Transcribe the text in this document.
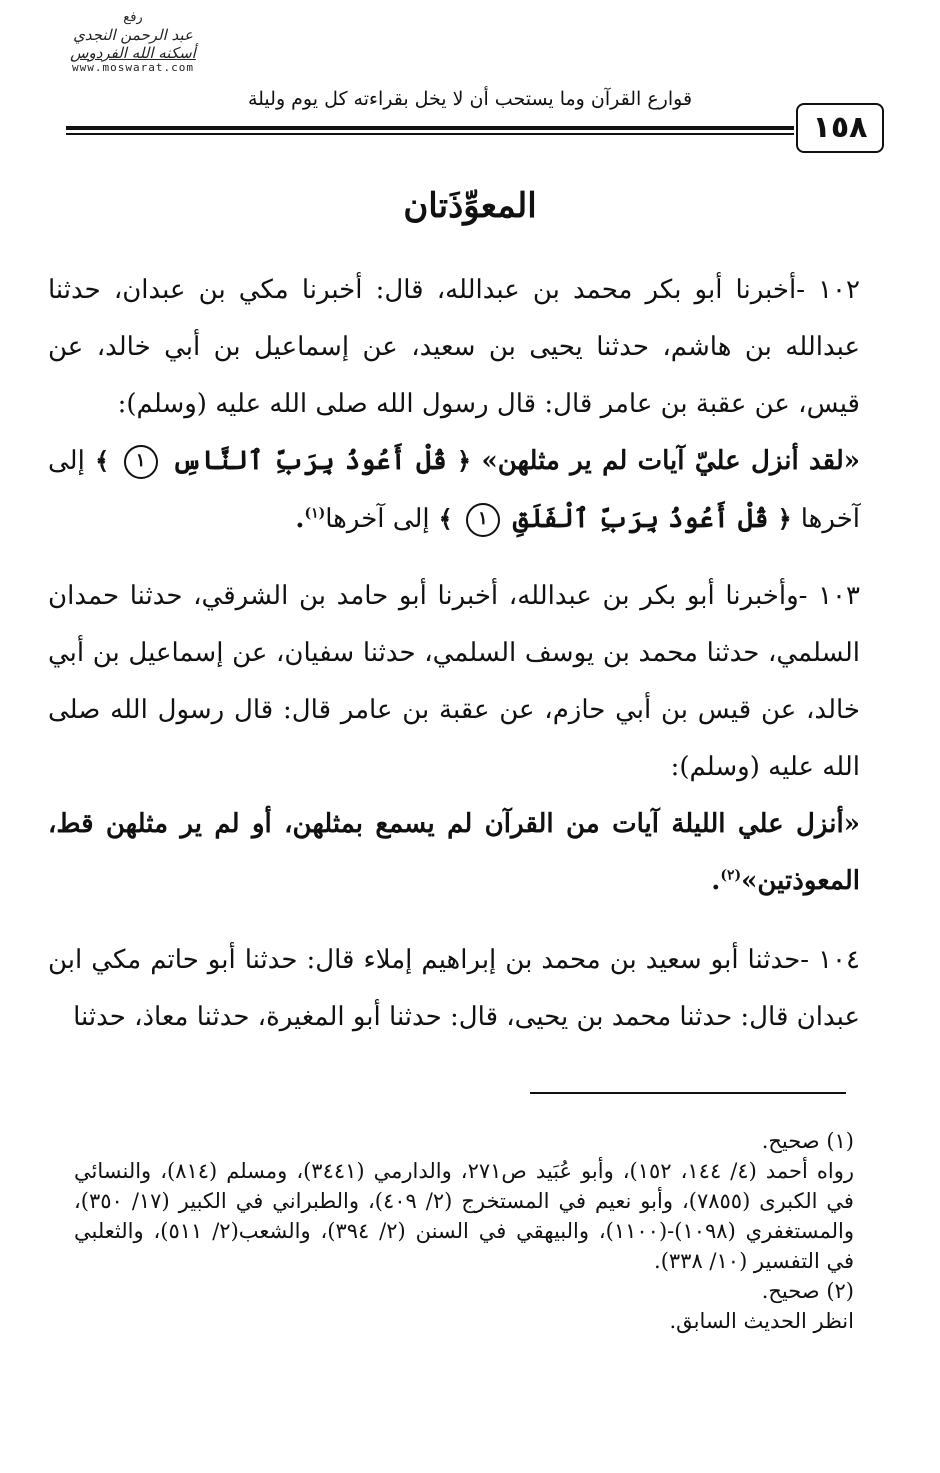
رفع
عبد الرحمن النجدي
أسكنه الله الفردوس
www.moswarat.com
قوارع القرآن وما يستحب أن لا يخل بقراءته كل يوم وليلة
١٥٨
المعوِّذَتان
١٠٢ -أخبرنا أبو بكر محمد بن عبدالله، قال: أخبرنا مكي بن عبدان، حدثنا عبدالله بن هاشم، حدثنا يحيى بن سعيد، عن إسماعيل بن أبي خالد، عن قيس، عن عقبة بن عامر قال: قال رسول الله صلى الله عليه (وسلم):
«لقد أنزل عليّ آيات لم ير مثلهن» ﴿ قُلْ أَعُوذُ بِرَبِّ ٱلنَّاسِ ١ ﴾ إلى آخرها ﴿ قُلْ أَعُوذُ بِرَبِّ ٱلْفَلَقِ ١ ﴾ إلى آخرها$^{(١)}$.
١٠٣ -وأخبرنا أبو بكر بن عبدالله، أخبرنا أبو حامد بن الشرقي، حدثنا حمدان السلمي، حدثنا محمد بن يوسف السلمي، حدثنا سفيان، عن إسماعيل بن أبي خالد، عن قيس بن أبي حازم، عن عقبة بن عامر قال: قال رسول الله صلى الله عليه (وسلم):
«أنزل علي الليلة آيات من القرآن لم يسمع بمثلهن، أو لم ير مثلهن قط، المعوذتين»$^{(٢)}$.
١٠٤ -حدثنا أبو سعيد بن محمد بن إبراهيم إملاء قال: حدثنا أبو حاتم مكي ابن عبدان قال: حدثنا محمد بن يحيى، قال: حدثنا أبو المغيرة، حدثنا معاذ، حدثنا
(١) صحيح.
رواه أحمد (٤/ ١٤٤، ١٥٢)، وأبو عُبَيد ص٢٧١، والدارمي (٣٤٤١)، ومسلم (٨١٤)، والنسائي في الكبرى (٧٨٥٥)، وأبو نعيم في المستخرج (٢/ ٤٠٩)، والطبراني في الكبير (١٧/ ٣٥٠)، والمستغفري (١٠٩٨)-(١١٠٠)، والبيهقي في السنن (٢/ ٣٩٤)، والشعب(٢/ ٥١١)، والثعلبي في التفسير (١٠/ ٣٣٨).
(٢) صحيح.
انظر الحديث السابق.
